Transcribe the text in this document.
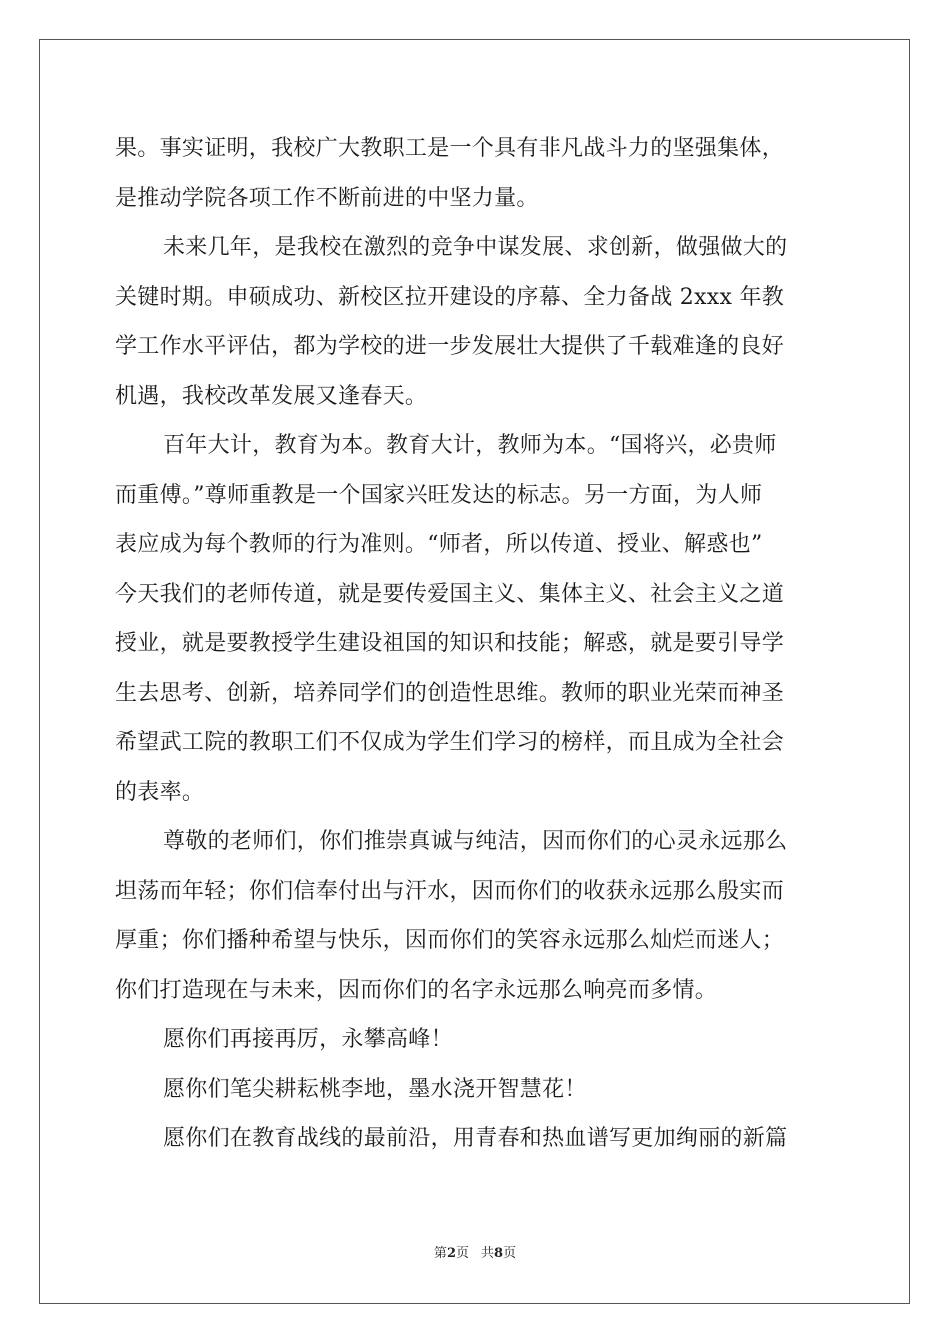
果。事实证明，我校广大教职工是一个具有非凡战斗力的坚强集体，
是推动学院各项工作不断前进的中坚力量。
未来几年，是我校在激烈的竞争中谋发展、求创新，做强做大的
关键时期。申硕成功、新校区拉开建设的序幕、全力备战 2xxx 年教
学工作水平评估，都为学校的进一步发展壮大提供了千载难逢的良好
机遇，我校改革发展又逢春天。
百年大计，教育为本。教育大计，教师为本。“国将兴，必贵师
而重傅。”尊师重教是一个国家兴旺发达的标志。另一方面，为人师
表应成为每个教师的行为准则。“师者，所以传道、授业、解惑也”
今天我们的老师传道，就是要传爱国主义、集体主义、社会主义之道
授业，就是要教授学生建设祖国的知识和技能；解惑，就是要引导学
生去思考、创新，培养同学们的创造性思维。教师的职业光荣而神圣
希望武工院的教职工们不仅成为学生们学习的榜样，而且成为全社会
的表率。
尊敬的老师们，你们推崇真诚与纯洁，因而你们的心灵永远那么
坦荡而年轻；你们信奉付出与汗水，因而你们的收获永远那么殷实而
厚重；你们播种希望与快乐，因而你们的笑容永远那么灿烂而迷人；
你们打造现在与未来，因而你们的名字永远那么响亮而多情。
愿你们再接再厉，永攀高峰！
愿你们笔尖耕耘桃李地，墨水浇开智慧花！
愿你们在教育战线的最前沿，用青春和热血谱写更加绚丽的新篇
第2页 共8页
